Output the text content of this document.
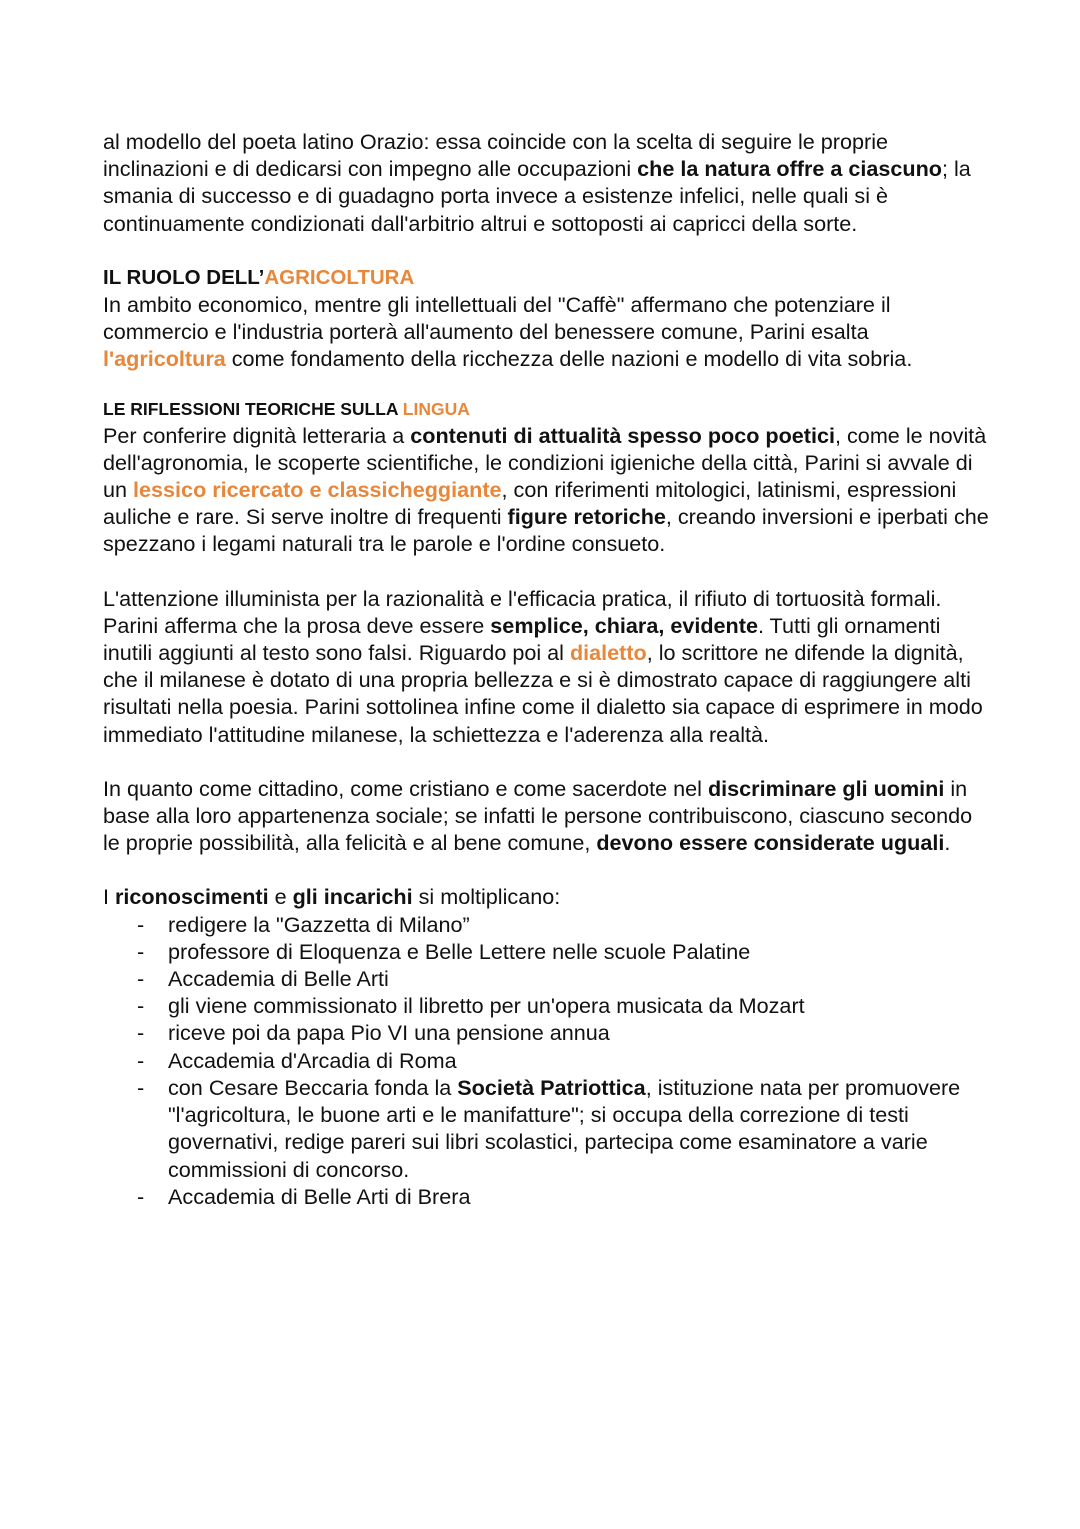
al modello del poeta latino Orazio: essa coincide con la scelta di seguire le proprie inclinazioni e di dedicarsi con impegno alle occupazioni che la natura offre a ciascuno; la smania di successo e di guadagno porta invece a esistenze infelici, nelle quali si è continuamente condizionati dall'arbitrio altrui e sottoposti ai capricci della sorte.

IL RUOLO DELL’AGRICOLTURA

In ambito economico, mentre gli intellettuali del "Caffè" affermano che potenziare il commercio e l'industria porterà all'aumento del benessere comune, Parini esalta l'agricoltura come fondamento della ricchezza delle nazioni e modello di vita sobria.

LE RIFLESSIONI TEORICHE SULLA LINGUA

Per conferire dignità letteraria a contenuti di attualità spesso poco poetici, come le novità dell'agronomia, le scoperte scientifiche, le condizioni igieniche della città, Parini si avvale di un lessico ricercato e classicheggiante, con riferimenti mitologici, latinismi, espressioni auliche e rare. Si serve inoltre di frequenti figure retoriche, creando inversioni e iperbati che spezzano i legami naturali tra le parole e l'ordine consueto.

L'attenzione illuminista per la razionalità e l'efficacia pratica, il rifiuto di tortuosità formali.

Parini afferma che la prosa deve essere semplice, chiara, evidente. Tutti gli ornamenti inutili aggiunti al testo sono falsi. Riguardo poi al dialetto, lo scrittore ne difende la dignità, che il milanese è dotato di una propria bellezza e si è dimostrato capace di raggiungere alti risultati nella poesia. Parini sottolinea infine come il dialetto sia capace di esprimere in modo immediato l'attitudine milanese, la schiettezza e l'aderenza alla realtà.

In quanto come cittadino, come cristiano e come sacerdote nel discriminare gli uomini in base alla loro appartenenza sociale; se infatti le persone contribuiscono, ciascuno secondo le proprie possibilità, alla felicità e al bene comune, devono essere considerate uguali.

I riconoscimenti e gli incarichi si moltiplicano:

- redigere la "Gazzetta di Milano”
- professore di Eloquenza e Belle Lettere nelle scuole Palatine
- Accademia di Belle Arti
- gli viene commissionato il libretto per un'opera musicata da Mozart
- riceve poi da papa Pio VI una pensione annua
- Accademia d'Arcadia di Roma
- con Cesare Beccaria fonda la Società Patriottica, istituzione nata per promuovere "l'agricoltura, le buone arti e le manifatture"; si occupa della correzione di testi governativi, redige pareri sui libri scolastici, partecipa come esaminatore a varie commissioni di concorso.
- Accademia di Belle Arti di Brera
